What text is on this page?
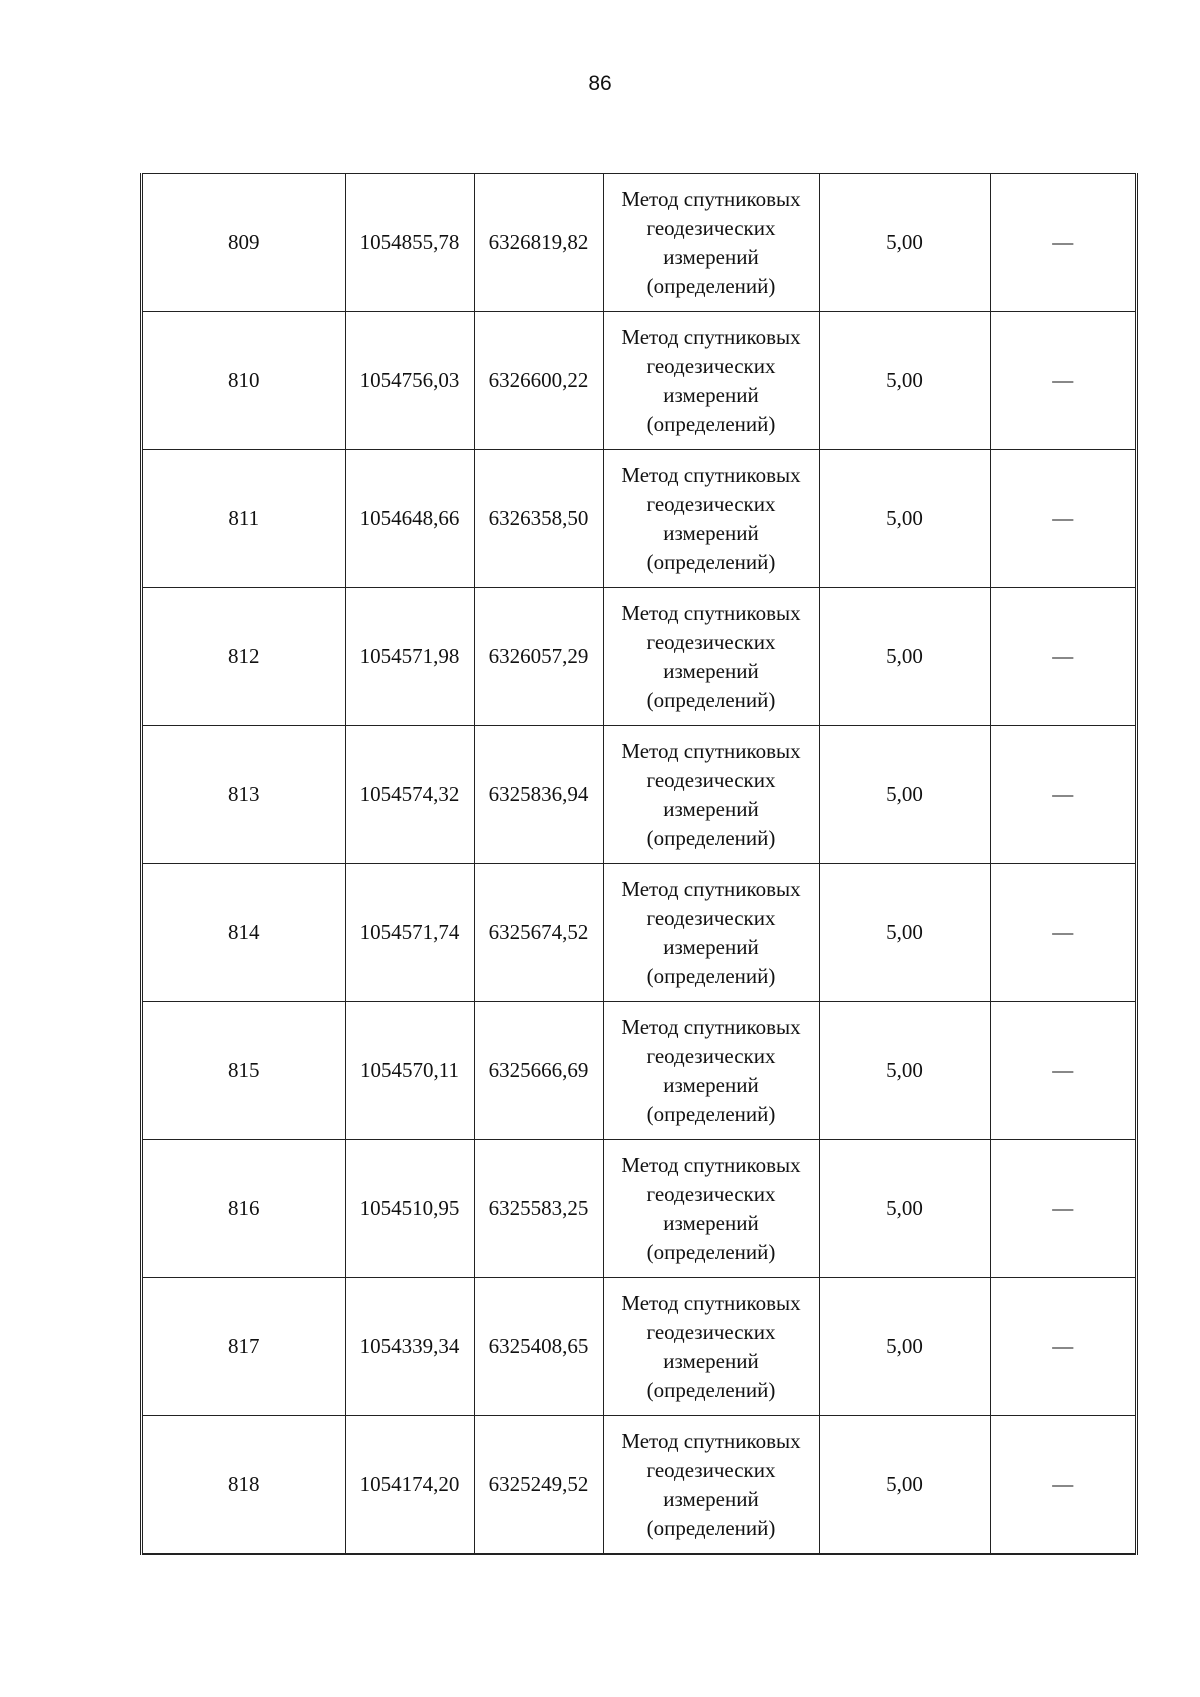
86
809	1054855,78	6326819,82	Метод спутниковых
геодезических
измерений
(определений)	5,00	—
810	1054756,03	6326600,22	Метод спутниковых
геодезических
измерений
(определений)	5,00	—
811	1054648,66	6326358,50	Метод спутниковых
геодезических
измерений
(определений)	5,00	—
812	1054571,98	6326057,29	Метод спутниковых
геодезических
измерений
(определений)	5,00	—
813	1054574,32	6325836,94	Метод спутниковых
геодезических
измерений
(определений)	5,00	—
814	1054571,74	6325674,52	Метод спутниковых
геодезических
измерений
(определений)	5,00	—
815	1054570,11	6325666,69	Метод спутниковых
геодезических
измерений
(определений)	5,00	—
816	1054510,95	6325583,25	Метод спутниковых
геодезических
измерений
(определений)	5,00	—
817	1054339,34	6325408,65	Метод спутниковых
геодезических
измерений
(определений)	5,00	—
818	1054174,20	6325249,52	Метод спутниковых
геодезических
измерений
(определений)	5,00	—
